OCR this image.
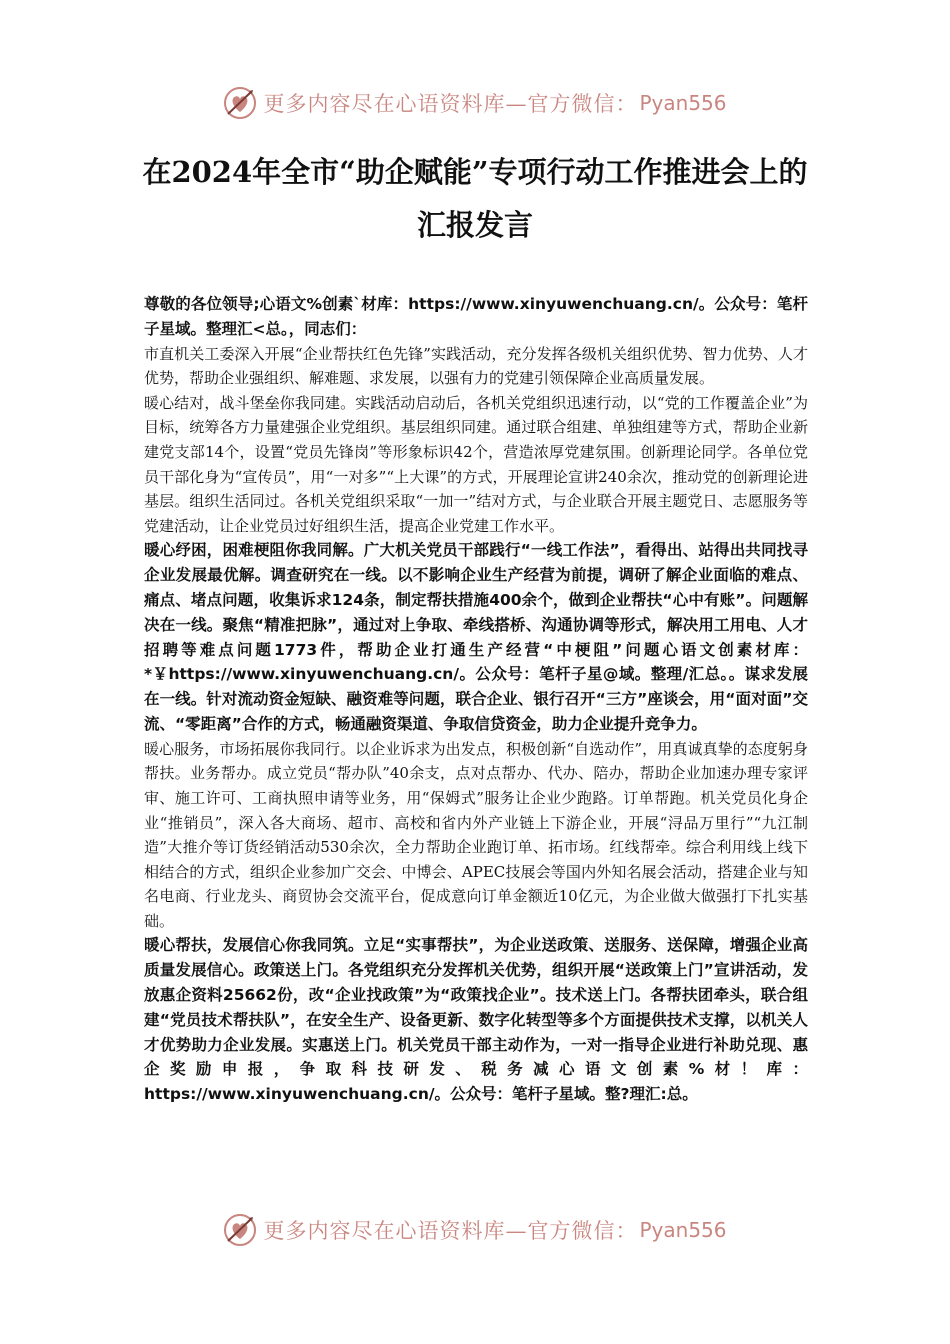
更多内容尽在心语资料库—官方微信： Pyan556
在2024年全市“助企赋能”专项行动工作推进会上的汇报发言

尊敬的各位领导;心语文%创素`材库：https://www.xinyuwenchuang.cn/。公众号：笔杆子星域。整理汇<总。，同志们：

市直机关工委深入开展“企业帮扶红色先锋”实践活动，充分发挥各级机关组织优势、智力优势、人才优势，帮助企业强组织、解难题、求发展，以强有力的党建引领保障企业高质量发展。

暖心结对，战斗堡垒你我同建。实践活动启动后，各机关党组织迅速行动，以“党的工作覆盖企业”为目标，统筹各方力量建强企业党组织。基层组织同建。通过联合组建、单独组建等方式，帮助企业新建党支部14个，设置“党员先锋岗”等形象标识42个，营造浓厚党建氛围。创新理论同学。各单位党员干部化身为“宣传员”，用“一对多”“上大课”的方式，开展理论宣讲240余次，推动党的创新理论进基层。组织生活同过。各机关党组织采取“一加一”结对方式，与企业联合开展主题党日、志愿服务等党建活动，让企业党员过好组织生活，提高企业党建工作水平。

暖心纾困，困难梗阻你我同解。广大机关党员干部践行“一线工作法”，看得出、站得出共同找寻企业发展最优解。调查研究在一线。以不影响企业生产经营为前提，调研了解企业面临的难点、痛点、堵点问题，收集诉求124条，制定帮扶措施400余个，做到企业帮扶“心中有账”。问题解决在一线。聚焦“精准把脉”，通过对上争取、牵线搭桥、沟通协调等形式，解决用工用电、人才招聘等难点问题1773件，帮助企业打通生产经营“中梗阻”问题心语文创素材库：*￥https://www.xinyuwenchuang.cn/。公众号：笔杆子星@域。整理/汇总。。谋求发展在一线。针对流动资金短缺、融资难等问题，联合企业、银行召开“三方”座谈会，用“面对面”交流、“零距离”合作的方式，畅通融资渠道、争取信贷资金，助力企业提升竞争力。

暖心服务，市场拓展你我同行。以企业诉求为出发点，积极创新“自选动作”，用真诚真挚的态度躬身帮扶。业务帮办。成立党员“帮办队”40余支，点对点帮办、代办、陪办，帮助企业加速办理专家评审、施工许可、工商执照申请等业务，用“保姆式”服务让企业少跑路。订单帮跑。机关党员化身企业“推销员”，深入各大商场、超市、高校和省内外产业链上下游企业，开展“浔品万里行”“九江制造”大推介等订货经销活动530余次，全力帮助企业跑订单、拓市场。红线帮牵。综合利用线上线下相结合的方式，组织企业参加广交会、中博会、APEC技展会等国内外知名展会活动，搭建企业与知名电商、行业龙头、商贸协会交流平台，促成意向订单金额近10亿元，为企业做大做强打下扎实基础。

暖心帮扶，发展信心你我同筑。立足“实事帮扶”，为企业送政策、送服务、送保障，增强企业高质量发展信心。政策送上门。各党组织充分发挥机关优势，组织开展“送政策上门”宣讲活动，发放惠企资料25662份，改“企业找政策”为“政策找企业”。技术送上门。各帮扶团牵头，联合组建“党员技术帮扶队”，在安全生产、设备更新、数字化转型等多个方面提供技术支撑，以机关人才优势助力企业发展。实惠送上门。机关党员干部主动作为，一对一指导企业进行补助兑现、惠企奖励申报，争取科技研发、税务减心语文创素%材！库：https://www.xinyuwenchuang.cn/。公众号：笔杆子星域。整?理汇:总。

更多内容尽在心语资料库—官方微信： Pyan556
